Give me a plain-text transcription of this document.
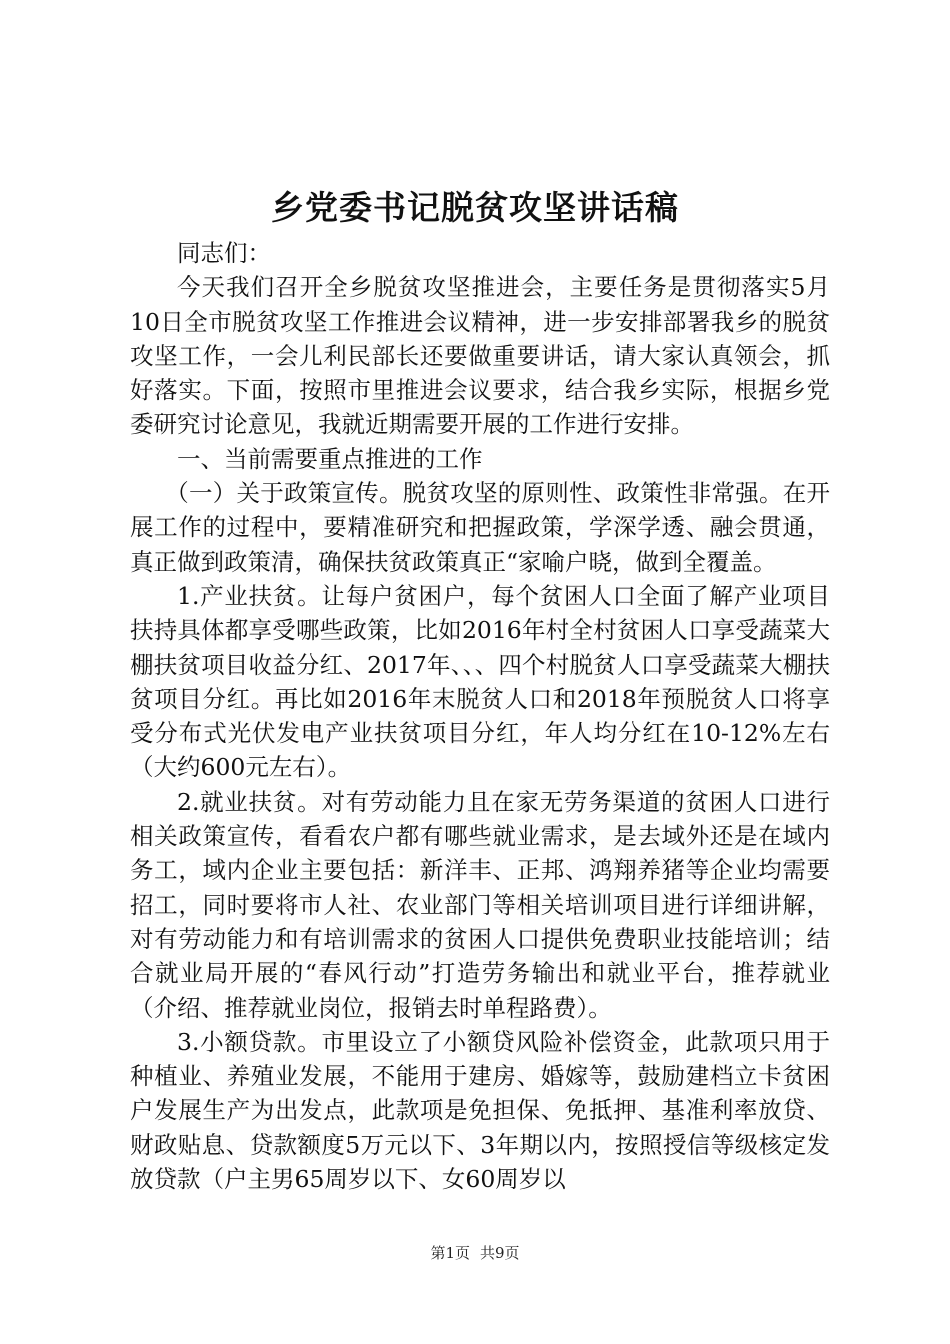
乡党委书记脱贫攻坚讲话稿

同志们：

今天我们召开全乡脱贫攻坚推进会，主要任务是贯彻落实5月10日全市脱贫攻坚工作推进会议精神，进一步安排部署我乡的脱贫攻坚工作，一会儿利民部长还要做重要讲话，请大家认真领会，抓好落实。下面，按照市里推进会议要求，结合我乡实际，根据乡党委研究讨论意见，我就近期需要开展的工作进行安排。

一、当前需要重点推进的工作

（一）关于政策宣传。脱贫攻坚的原则性、政策性非常强。在开展工作的过程中，要精准研究和把握政策，学深学透、融会贯通，真正做到政策清，确保扶贫政策真正“家喻户晓，做到全覆盖。

1.产业扶贫。让每户贫困户，每个贫困人口全面了解产业项目扶持具体都享受哪些政策，比如2016年村全村贫困人口享受蔬菜大棚扶贫项目收益分红、2017年、、、四个村脱贫人口享受蔬菜大棚扶贫项目分红。再比如2016年末脱贫人口和2018年预脱贫人口将享受分布式光伏发电产业扶贫项目分红，年人均分红在10-12%左右（大约600元左右）。

2.就业扶贫。对有劳动能力且在家无劳务渠道的贫困人口进行相关政策宣传，看看农户都有哪些就业需求，是去域外还是在域内务工，域内企业主要包括：新洋丰、正邦、鸿翔养猪等企业均需要招工，同时要将市人社、农业部门等相关培训项目进行详细讲解，对有劳动能力和有培训需求的贫困人口提供免费职业技能培训；结合就业局开展的“春风行动”打造劳务输出和就业平台，推荐就业（介绍、推荐就业岗位，报销去时单程路费）。

3.小额贷款。市里设立了小额贷风险补偿资金，此款项只用于种植业、养殖业发展，不能用于建房、婚嫁等，鼓励建档立卡贫困户发展生产为出发点，此款项是免担保、免抵押、基准利率放贷、财政贴息、贷款额度5万元以下、3年期以内，按照授信等级核定发放贷款（户主男65周岁以下、女60周岁以

第1页 共9页
